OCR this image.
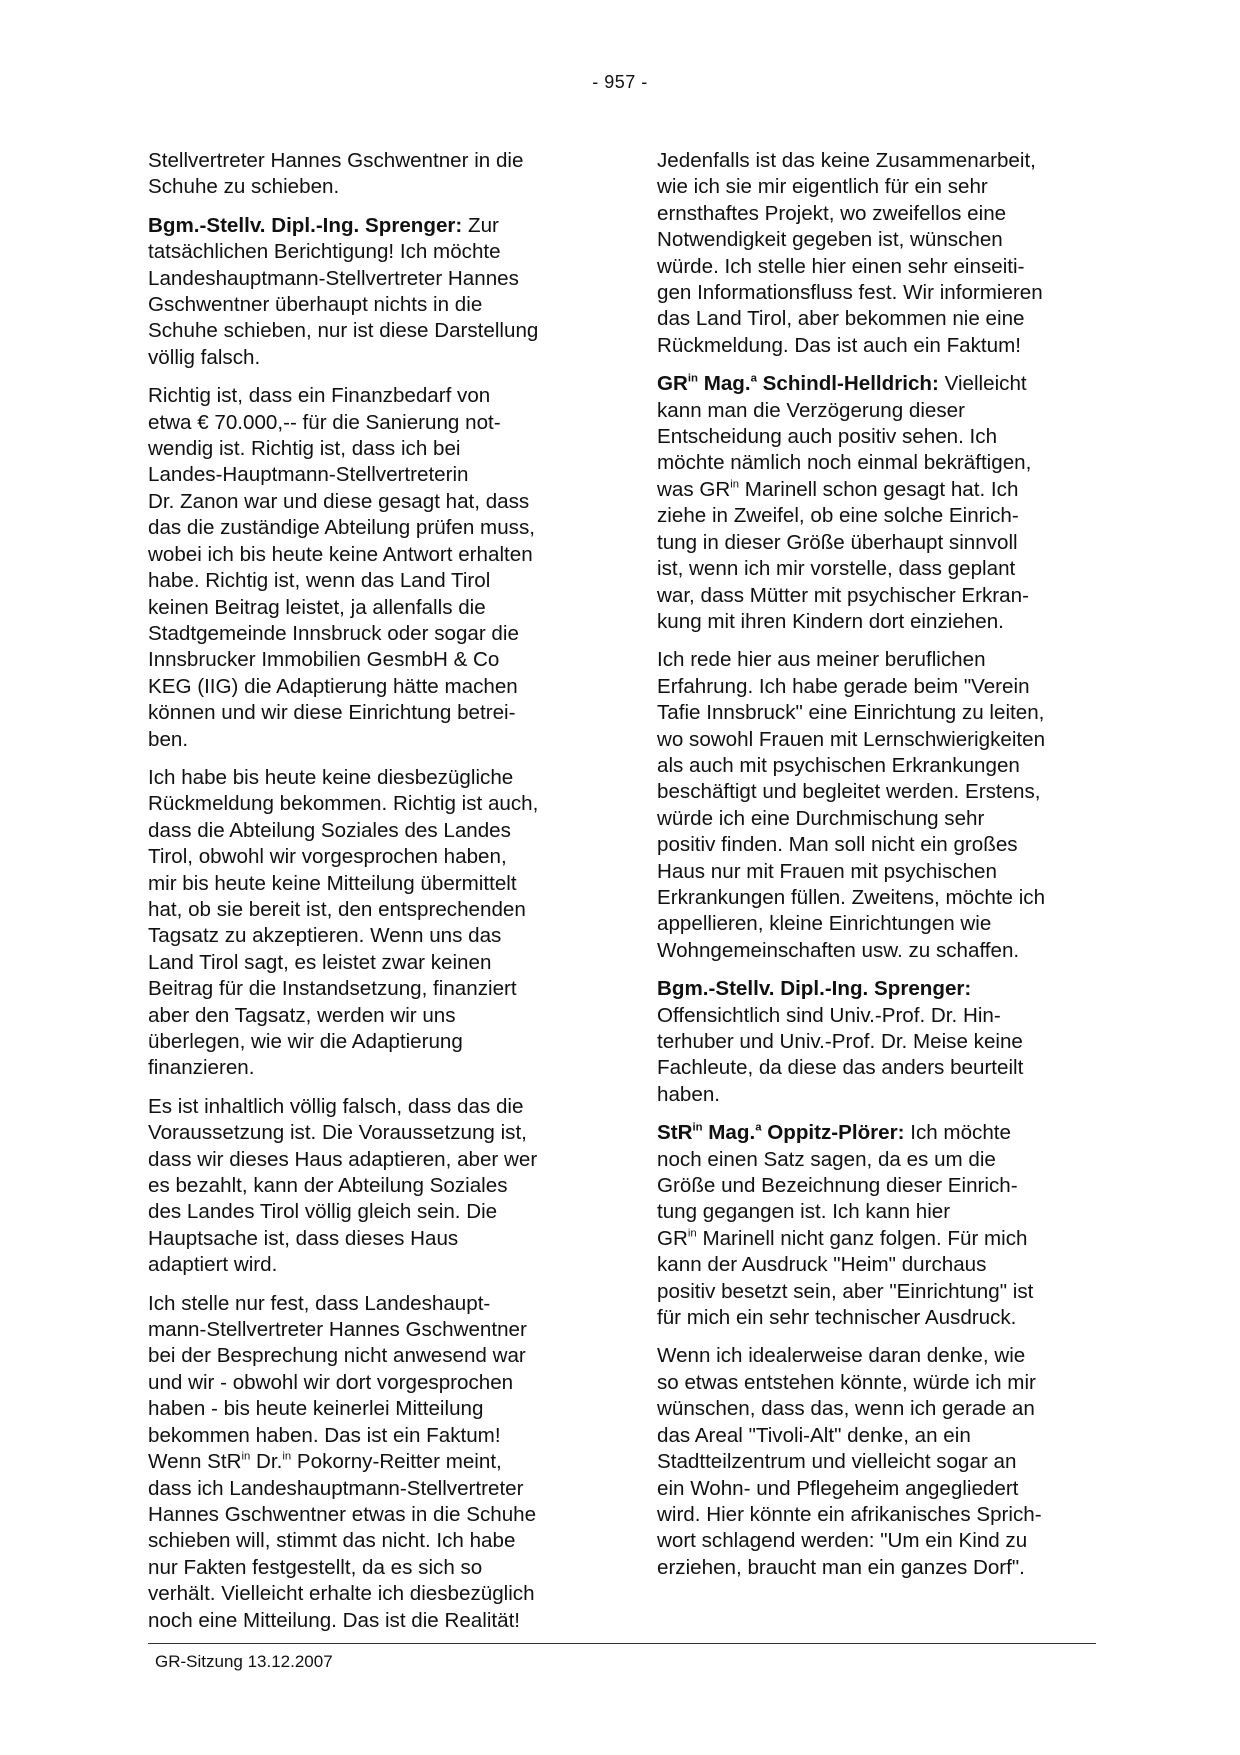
- 957 -

Stellvertreter Hannes Gschwentner in die
Schuhe zu schieben.

Bgm.-Stellv. Dipl.-Ing. Sprenger: Zur
tatsächlichen Berichtigung! Ich möchte
Landeshauptmann-Stellvertreter Hannes
Gschwentner überhaupt nichts in die
Schuhe schieben, nur ist diese Darstellung
völlig falsch.

Richtig ist, dass ein Finanzbedarf von
etwa € 70.000,-- für die Sanierung not-
wendig ist. Richtig ist, dass ich bei
Landes-Hauptmann-Stellvertreterin
Dr. Zanon war und diese gesagt hat, dass
das die zuständige Abteilung prüfen muss,
wobei ich bis heute keine Antwort erhalten
habe. Richtig ist, wenn das Land Tirol
keinen Beitrag leistet, ja allenfalls die
Stadtgemeinde Innsbruck oder sogar die
Innsbrucker Immobilien GesmbH & Co
KEG (IIG) die Adaptierung hätte machen
können und wir diese Einrichtung betrei-
ben.

Ich habe bis heute keine diesbezügliche
Rückmeldung bekommen. Richtig ist auch,
dass die Abteilung Soziales des Landes
Tirol, obwohl wir vorgesprochen haben,
mir bis heute keine Mitteilung übermittelt
hat, ob sie bereit ist, den entsprechenden
Tagsatz zu akzeptieren. Wenn uns das
Land Tirol sagt, es leistet zwar keinen
Beitrag für die Instandsetzung, finanziert
aber den Tagsatz, werden wir uns
überlegen, wie wir die Adaptierung
finanzieren.

Es ist inhaltlich völlig falsch, dass das die
Voraussetzung ist. Die Voraussetzung ist,
dass wir dieses Haus adaptieren, aber wer
es bezahlt, kann der Abteilung Soziales
des Landes Tirol völlig gleich sein. Die
Hauptsache ist, dass dieses Haus
adaptiert wird.

Ich stelle nur fest, dass Landeshaupt-
mann-Stellvertreter Hannes Gschwentner
bei der Besprechung nicht anwesend war
und wir - obwohl wir dort vorgesprochen
haben - bis heute keinerlei Mitteilung
bekommen haben. Das ist ein Faktum!
Wenn StR$^{in}$ Dr.$^{in}$ Pokorny-Reitter meint,
dass ich Landeshauptmann-Stellvertreter
Hannes Gschwentner etwas in die Schuhe
schieben will, stimmt das nicht. Ich habe
nur Fakten festgestellt, da es sich so
verhält. Vielleicht erhalte ich diesbezüglich
noch eine Mitteilung. Das ist die Realität!

Jedenfalls ist das keine Zusammenarbeit,
wie ich sie mir eigentlich für ein sehr
ernsthaftes Projekt, wo zweifellos eine
Notwendigkeit gegeben ist, wünschen
würde. Ich stelle hier einen sehr einseiti-
gen Informationsfluss fest. Wir informieren
das Land Tirol, aber bekommen nie eine
Rückmeldung. Das ist auch ein Faktum!

$GR^{in}$ Mag.$^a$ Schindl-Helldrich: Vielleicht
kann man die Verzögerung dieser
Entscheidung auch positiv sehen. Ich
möchte nämlich noch einmal bekräftigen,
was $GR^{in}$ Marinell schon gesagt hat. Ich
ziehe in Zweifel, ob eine solche Einrich-
tung in dieser Größe überhaupt sinnvoll
ist, wenn ich mir vorstelle, dass geplant
war, dass Mütter mit psychischer Erkran-
kung mit ihren Kindern dort einziehen.

Ich rede hier aus meiner beruflichen
Erfahrung. Ich habe gerade beim "Verein
Tafie Innsbruck" eine Einrichtung zu leiten,
wo sowohl Frauen mit Lernschwierigkeiten
als auch mit psychischen Erkrankungen
beschäftigt und begleitet werden. Erstens,
würde ich eine Durchmischung sehr
positiv finden. Man soll nicht ein großes
Haus nur mit Frauen mit psychischen
Erkrankungen füllen. Zweitens, möchte ich
appellieren, kleine Einrichtungen wie
Wohngemeinschaften usw. zu schaffen.

Bgm.-Stellv. Dipl.-Ing. Sprenger:
Offensichtlich sind Univ.-Prof. Dr. Hin-
terhuber und Univ.-Prof. Dr. Meise keine
Fachleute, da diese das anders beurteilt
haben.

StR$^{in}$ Mag.$^a$ Oppitz-Plörer: Ich möchte
noch einen Satz sagen, da es um die
Größe und Bezeichnung dieser Einrich-
tung gegangen ist. Ich kann hier
$GR^{in}$ Marinell nicht ganz folgen. Für mich
kann der Ausdruck "Heim" durchaus
positiv besetzt sein, aber "Einrichtung" ist
für mich ein sehr technischer Ausdruck.

Wenn ich idealerweise daran denke, wie
so etwas entstehen könnte, würde ich mir
wünschen, dass das, wenn ich gerade an
das Areal "Tivoli-Alt" denke, an ein
Stadtteilzentrum und vielleicht sogar an
ein Wohn- und Pflegeheim angegliedert
wird. Hier könnte ein afrikanisches Sprich-
wort schlagend werden: "Um ein Kind zu
erziehen, braucht man ein ganzes Dorf".

GR-Sitzung 13.12.2007
